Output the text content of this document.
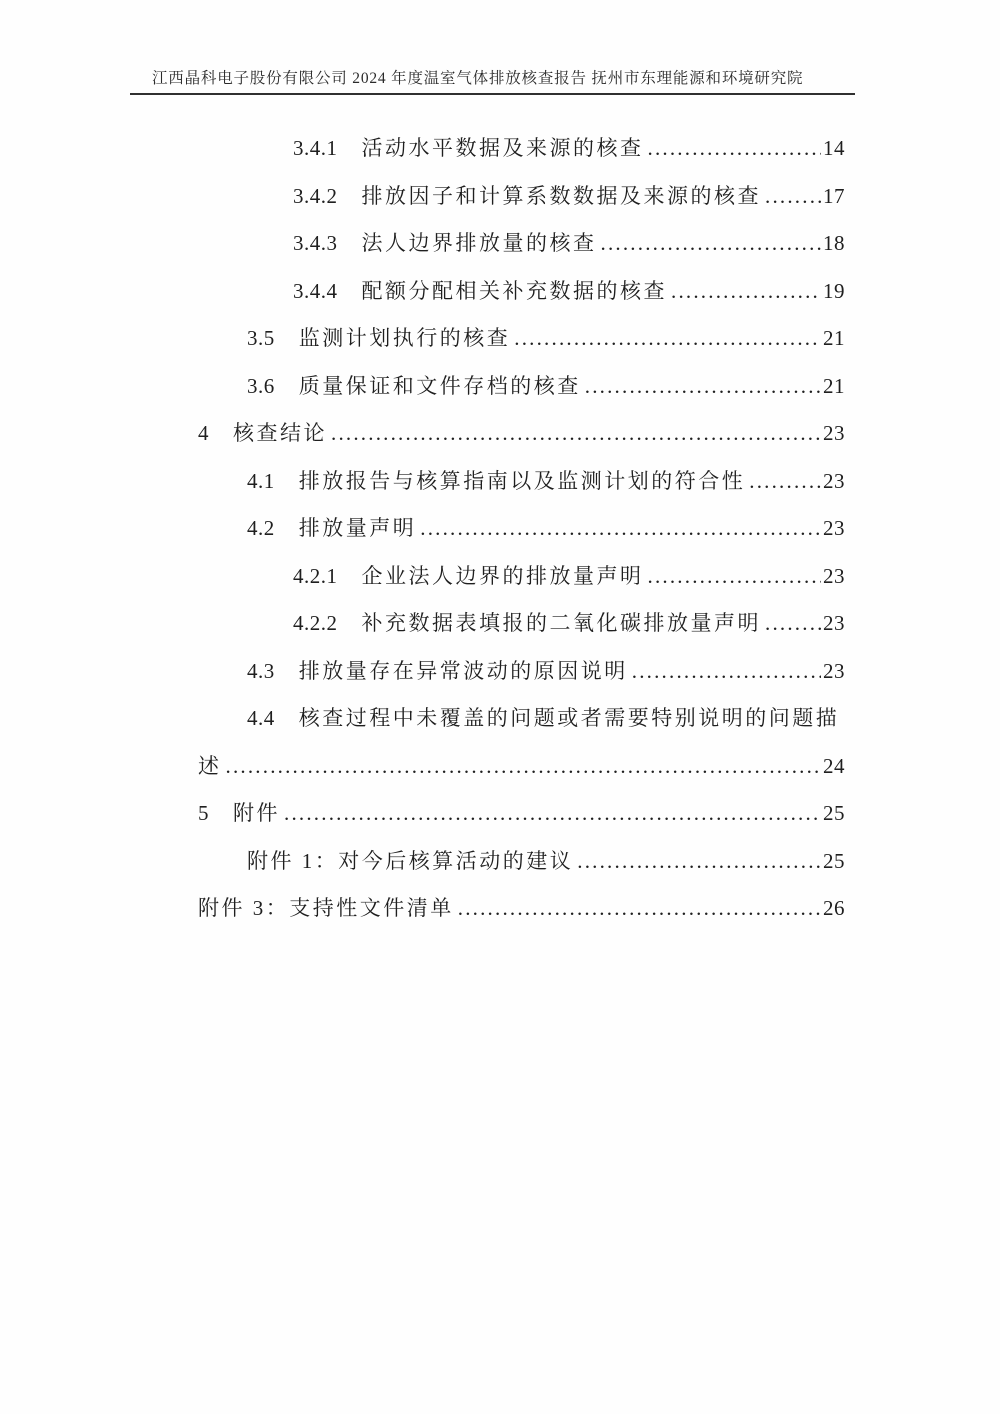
江西晶科电子股份有限公司 2024 年度温室气体排放核查报告 抚州市东理能源和环境研究院
3.4.1 活动水平数据及来源的核查 .....	14
3.4.2 排放因子和计算系数数据及来源的核查 .....	17
3.4.3 法人边界排放量的核查 .....	18
3.4.4 配额分配相关补充数据的核查 .....	19
3.5 监测计划执行的核查 .....	21
3.6 质量保证和文件存档的核查 .....	21
4 核查结论 .....	23
4.1 排放报告与核算指南以及监测计划的符合性 .....	23
4.2 排放量声明 .....	23
4.2.1 企业法人边界的排放量声明 .....	23
4.2.2 补充数据表填报的二氧化碳排放量声明 .....	23
4.3 排放量存在异常波动的原因说明 .....	23
4.4 核查过程中未覆盖的问题或者需要特别说明的问题描
述 .....	24
5 附件 .....	25
附件 1：对今后核算活动的建议 .....	25
附件 3：支持性文件清单 .....	26
